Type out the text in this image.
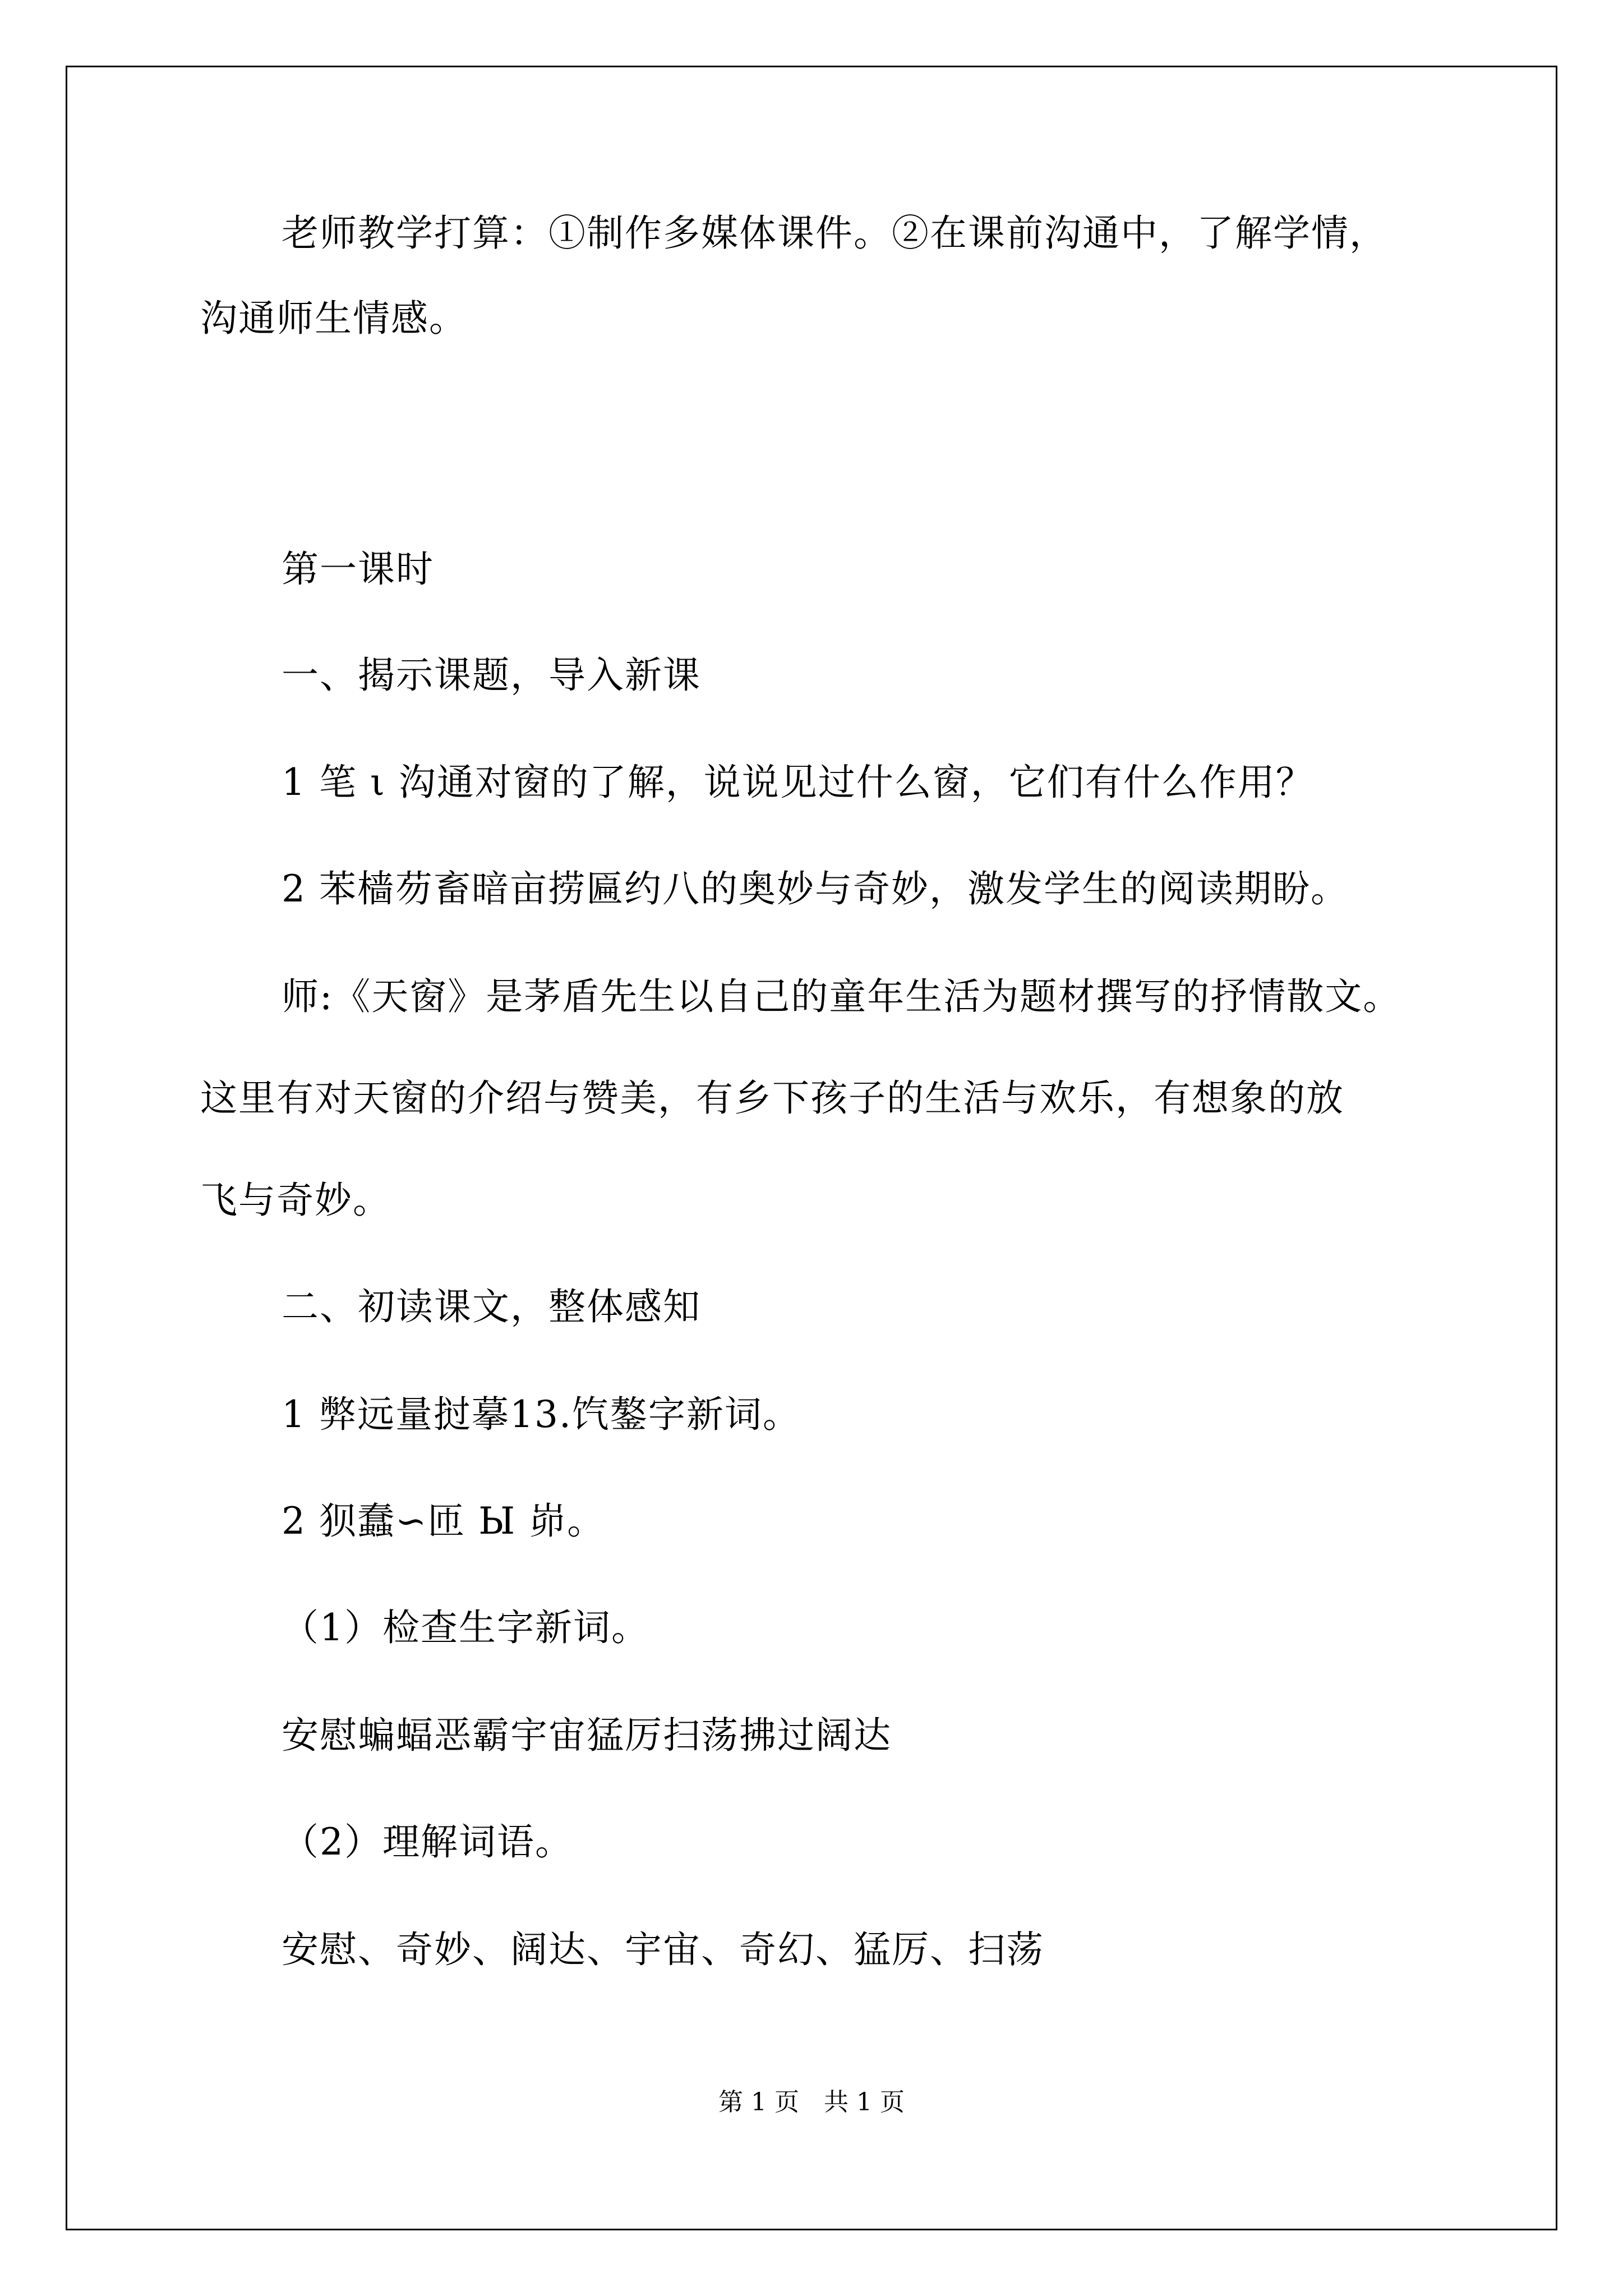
老师教学打算：①制作多媒体课件。②在课前沟通中，了解学情，
沟通师生情感。
第一课时
一、揭示课题，导入新课
1 笔 ι 沟通对窗的了解，说说见过什么窗，它们有什么作用？
2 苯樯芴畜暗亩捞匾约八的奥妙与奇妙，激发学生的阅读期盼。
师:《天窗》是茅盾先生以自己的童年生活为题材撰写的抒情散文。
这里有对天窗的介绍与赞美，有乡下孩子的生活与欢乐，有想象的放
飞与奇妙。
二、初读课文，整体感知
1 弊远量挝摹13.饩鏊字新词。
2 狈蠢∽匝 Ы 峁。
（1）检查生字新词。
安慰蝙蝠恶霸宇宙猛厉扫荡拂过阔达
（2）理解词语。
安慰、奇妙、阔达、宇宙、奇幻、猛厉、扫荡
第 1 页　共 1 页
